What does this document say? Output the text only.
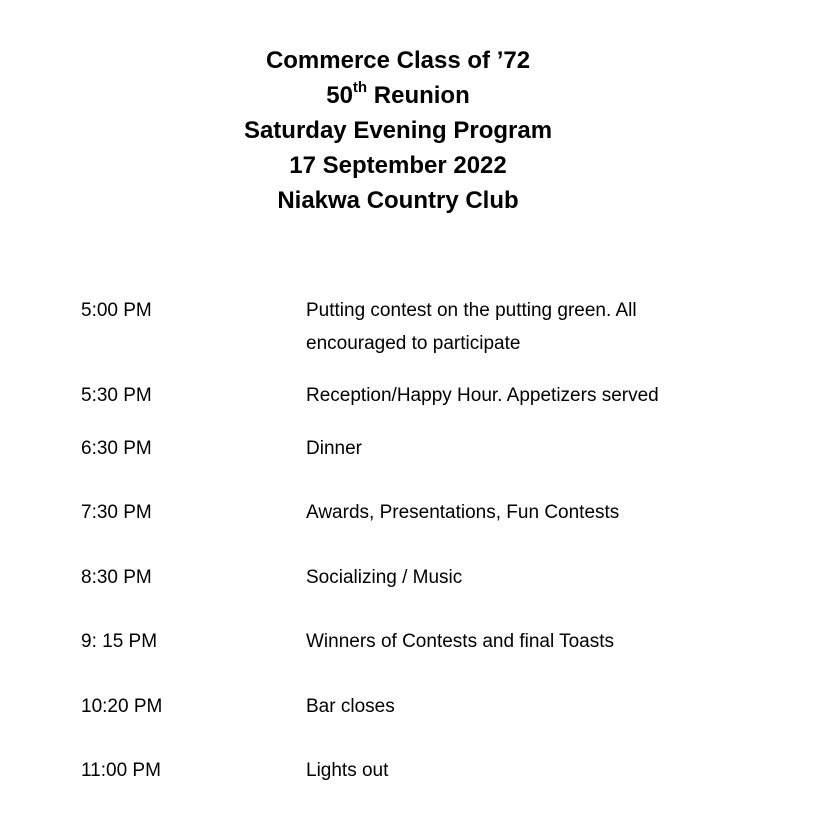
Commerce Class of ’72
50th Reunion
Saturday Evening Program
17 September 2022
Niakwa Country Club
5:00 PM	Putting contest on the putting green. All encouraged to participate
5:30 PM	Reception/Happy Hour. Appetizers served
6:30 PM	Dinner
7:30 PM	Awards, Presentations, Fun Contests
8:30 PM	Socializing / Music
9: 15 PM	Winners of Contests and final Toasts
10:20 PM	Bar closes
11:00 PM	Lights out
